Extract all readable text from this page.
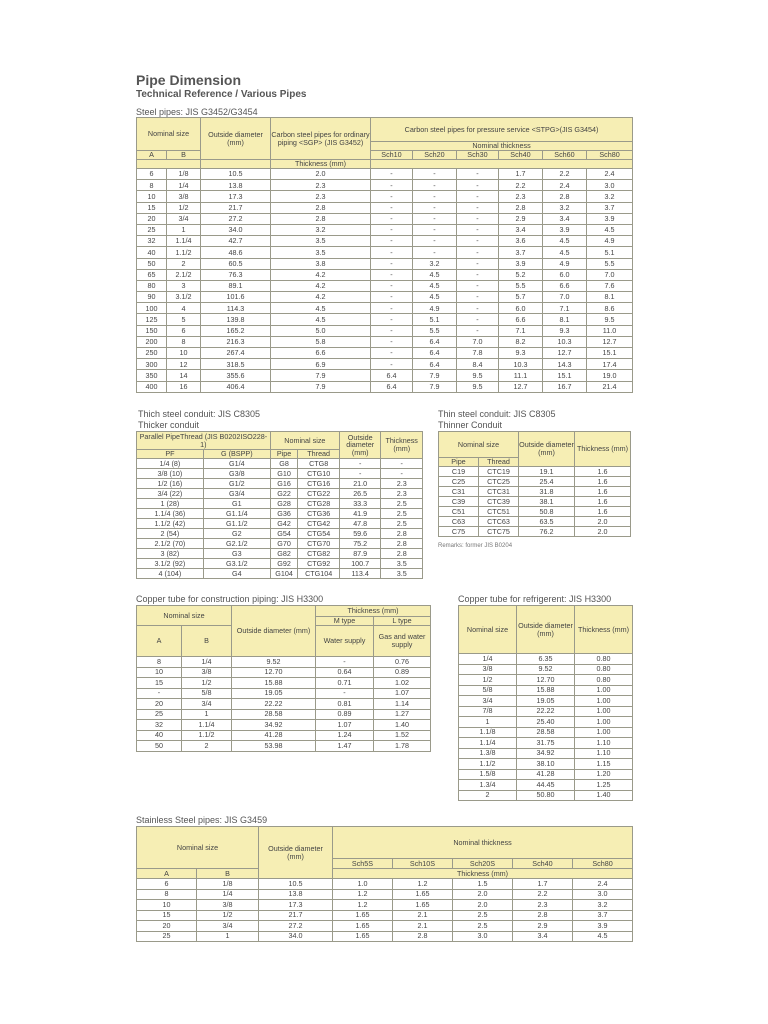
Pipe Dimension
Technical Reference / Various Pipes
Steel pipes: JIS G3452/G3454
Nominal size		Outside diameter (mm)	Carbon steel pipes for ordinary piping <SGP> (JIS G3452)	Carbon steel pipes for pressure service <STPG>(JIS G3454)					
				Nominal thickness					
A	B			Sch10	Sch20	Sch30	Sch40	Sch60	Sch80
			Thickness (mm)						
6	1/8	10.5	2.0	-	-	-	1.7	2.2	2.4
8	1/4	13.8	2.3	-	-	-	2.2	2.4	3.0
10	3/8	17.3	2.3	-	-	-	2.3	2.8	3.2
15	1/2	21.7	2.8	-	-	-	2.8	3.2	3.7
20	3/4	27.2	2.8	-	-	-	2.9	3.4	3.9
25	1	34.0	3.2	-	-	-	3.4	3.9	4.5
32	1.1/4	42.7	3.5	-	-	-	3.6	4.5	4.9
40	1.1/2	48.6	3.5	-	-	-	3.7	4.5	5.1
50	2	60.5	3.8	-	3.2	-	3.9	4.9	5.5
65	2.1/2	76.3	4.2	-	4.5	-	5.2	6.0	7.0
80	3	89.1	4.2	-	4.5	-	5.5	6.6	7.6
90	3.1/2	101.6	4.2	-	4.5	-	5.7	7.0	8.1
100	4	114.3	4.5	-	4.9	-	6.0	7.1	8.6
125	5	139.8	4.5	-	5.1	-	6.6	8.1	9.5
150	6	165.2	5.0	-	5.5	-	7.1	9.3	11.0
200	8	216.3	5.8	-	6.4	7.0	8.2	10.3	12.7
250	10	267.4	6.6	-	6.4	7.8	9.3	12.7	15.1
300	12	318.5	6.9	-	6.4	8.4	10.3	14.3	17.4
350	14	355.6	7.9	6.4	7.9	9.5	11.1	15.1	19.0
400	16	406.4	7.9	6.4	7.9	9.5	12.7	16.7	21.4
Thich steel conduit: JIS C8305
Thicker conduit
Parallel PipeThread (JIS B0202ISO228-1)		Nominal size		Outside diameter (mm)	Thickness (mm)
PF	G (BSPP)	Pipe	Thread		
1/4 (8)	G1/4	G8	CTG8	-	-
3/8 (10)	G3/8	G10	CTG10	-	-
1/2 (16)	G1/2	G16	CTG16	21.0	2.3
3/4 (22)	G3/4	G22	CTG22	26.5	2.3
1 (28)	G1	G28	CTG28	33.3	2.5
1.1/4 (36)	G1.1/4	G36	CTG36	41.9	2.5
1.1/2 (42)	G1.1/2	G42	CTG42	47.8	2.5
2 (54)	G2	G54	CTG54	59.6	2.8
2.1/2 (70)	G2.1/2	G70	CTG70	75.2	2.8
3 (82)	G3	G82	CTG82	87.9	2.8
3.1/2 (92)	G3.1/2	G92	CTG92	100.7	3.5
4 (104)	G4	G104	CTG104	113.4	3.5
Thin steel conduit: JIS C8305
Thinner Conduit
Nominal size		Outside diameter (mm)	Thickness (mm)
Pipe	Thread		
C19	CTC19	19.1	1.6
C25	CTC25	25.4	1.6
C31	CTC31	31.8	1.6
C39	CTC39	38.1	1.6
C51	CTC51	50.8	1.6
C63	CTC63	63.5	2.0
C75	CTC75	76.2	2.0
Remarks: former JIS B0204
Copper tube for construction piping: JIS H3300
Nominal size		Outside diameter (mm)	Thickness (mm)	
			M type	L type
A	B		Water supply	Gas and water supply

8	1/4	9.52	-	0.76
10	3/8	12.70	0.64	0.89
15	1/2	15.88	0.71	1.02
-	5/8	19.05	-	1.07
20	3/4	22.22	0.81	1.14
25	1	28.58	0.89	1.27
32	1.1/4	34.92	1.07	1.40
40	1.1/2	41.28	1.24	1.52
50	2	53.98	1.47	1.78
Copper tube for refrigerent: JIS H3300
Nominal size	Outside diameter (mm)	Thickness (mm)
1/4	6.35	0.80
3/8	9.52	0.80
1/2	12.70	0.80
5/8	15.88	1.00
3/4	19.05	1.00
7/8	22.22	1.00
1	25.40	1.00
1.1/8	28.58	1.00
1.1/4	31.75	1.10
1.3/8	34.92	1.10
1.1/2	38.10	1.15
1.5/8	41.28	1.20
1.3/4	44.45	1.25
2	50.80	1.40
Stainless Steel pipes: JIS G3459
Nominal size		Outside diameter (mm)	Nominal thickness				
			Sch5S	Sch10S	Sch20S	Sch40	Sch80
A	B		Thickness (mm)				
6	1/8	10.5	1.0	1.2	1.5	1.7	2.4
8	1/4	13.8	1.2	1.65	2.0	2.2	3.0
10	3/8	17.3	1.2	1.65	2.0	2.3	3.2
15	1/2	21.7	1.65	2.1	2.5	2.8	3.7
20	3/4	27.2	1.65	2.1	2.5	2.9	3.9
25	1	34.0	1.65	2.8	3.0	3.4	4.5
